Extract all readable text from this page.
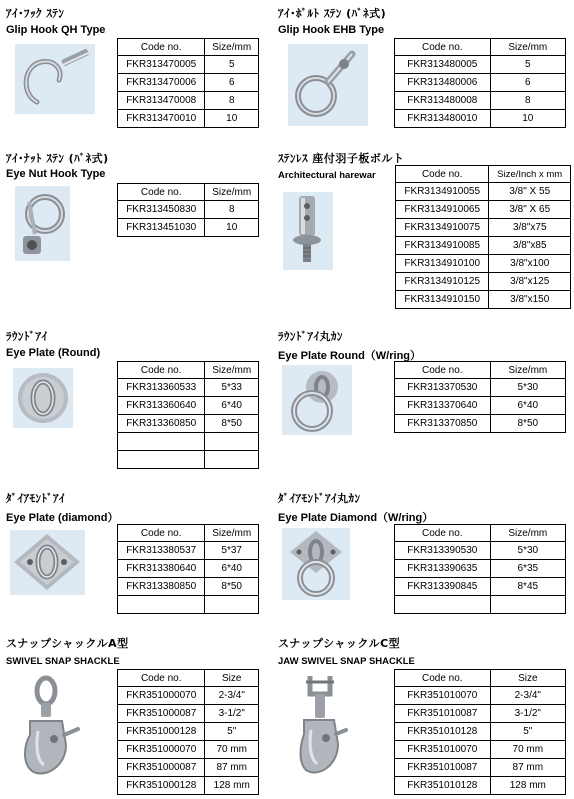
ｱｲ･ﾌｯｸ ｽﾃﾝ
Glip Hook QH Type
Code no.	Size/mm
FKR313470005	5
FKR313470006	6
FKR313470008	8
FKR313470010	10
ｱｲ･ﾎﾞﾙﾄ ｽﾃﾝ (ﾊﾞﾈ式)
Glip Hook EHB Type
Code no.	Size/mm
FKR313480005	5
FKR313480006	6
FKR313480008	8
FKR313480010	10
ｱｲ･ﾅｯﾄ ｽﾃﾝ (ﾊﾞﾈ式)
Eye Nut Hook Type
Code no.	Size/mm
FKR313450830	8
FKR313451030	10
ｽﾃﾝﾚｽ 座付羽子板ボルト
Architectural harewar	Code no.	Size/Inch x mm
FKR3134910055	3/8" X 55
FKR3134910065	3/8" X 65
FKR3134910075	3/8"x75
FKR3134910085	3/8"x85
FKR3134910100	3/8"x100
FKR3134910125	3/8"x125
FKR3134910150	3/8"x150
ﾗｳﾝﾄﾞｱｲ
Eye Plate (Round)
Code no.	Size/mm
FKR313360533	5*33
FKR313360640	6*40
FKR313360850	8*50

ﾗｳﾝﾄﾞｱｲ丸ｶﾝ
Eye Plate Round（W/ring）
Code no.	Size/mm
FKR313370530	5*30
FKR313370640	6*40
FKR313370850	8*50
ﾀﾞｲｱﾓﾝﾄﾞｱｲ
Eye Plate (diamond）
Code no.	Size/mm
FKR313380537	5*37
FKR313380640	6*40
FKR313380850	8*50

ﾀﾞｲｱﾓﾝﾄﾞｱｲ丸ｶﾝ
Eye Plate Diamond（W/ring）
Code no.	Size/mm
FKR313390530	5*30
FKR313390635	6*35
FKR313390845	8*45

スナップシャックルA型
SWIVEL SNAP SHACKLE
Code no.	Size
FKR351000070	2-3/4"
FKR351000087	3-1/2"
FKR351000128	5"
FKR351000070	70 mm
FKR351000087	87 mm
FKR351000128	128 mm
スナップシャックルC型
JAW SWIVEL SNAP SHACKLE
Code no.	Size
FKR351010070	2-3/4"
FKR351010087	3-1/2"
FKR351010128	5"
FKR351010070	70 mm
FKR351010087	87 mm
FKR351010128	128 mm
